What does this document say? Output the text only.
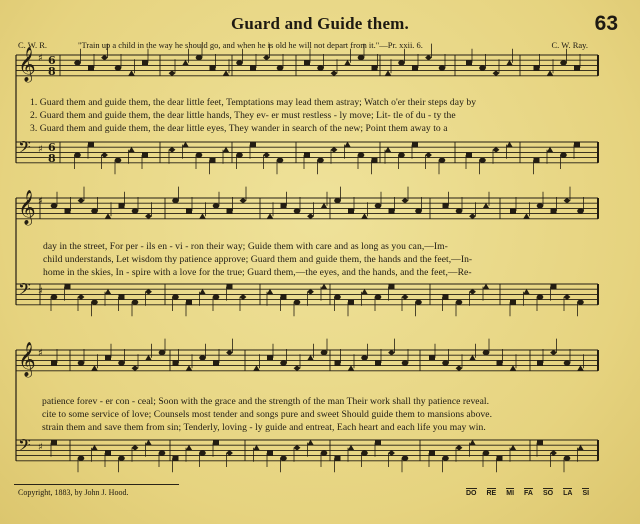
𝄞 ♯ 6
8
𝄢 ♯ 6
8
𝄞 ♯
𝄢 ♯
𝄞 ♯
𝄢 ♯
Guard and Guide them.	63
C. W. R.	"Train up a child in the way he should go, and when he is old he will not depart from it."—Pr. xxii. 6.	C. W. Ray.
1. Guard them and guide them, the dear little feet, Temptations may lead them astray; Watch o'er their steps day by
2. Guard them and guide them, the dear little hands, They ev- er must restless - ly move; Lit- tle of du - ty the
3. Guard them and guide them, the dear little eyes, They wander in search of the new; Point them away to a
day in the street, For per - ils en - vi - ron their way; Guide them with care and as long as you can,—Im-
child understands, Let wisdom thy patience approve; Guard them and guide them, the hands and the feet,—In-
home in the skies, In - spire with a love for the true; Guard them,—the eyes, and the hands, and the feet,—Re-
patience forev - er con - ceal; Soon with the grace and the strength of the man Their work shall thy patience reveal.
cite to some service of love; Counsels most tender and songs pure and sweet Should guide them to mansions above.
strain them and save them from sin; Tenderly, loving - ly guide and entreat, Each heart and each life you may win.
Copyright, 1883, by John J. Hood.	DO RE MI FA SO LA SI
